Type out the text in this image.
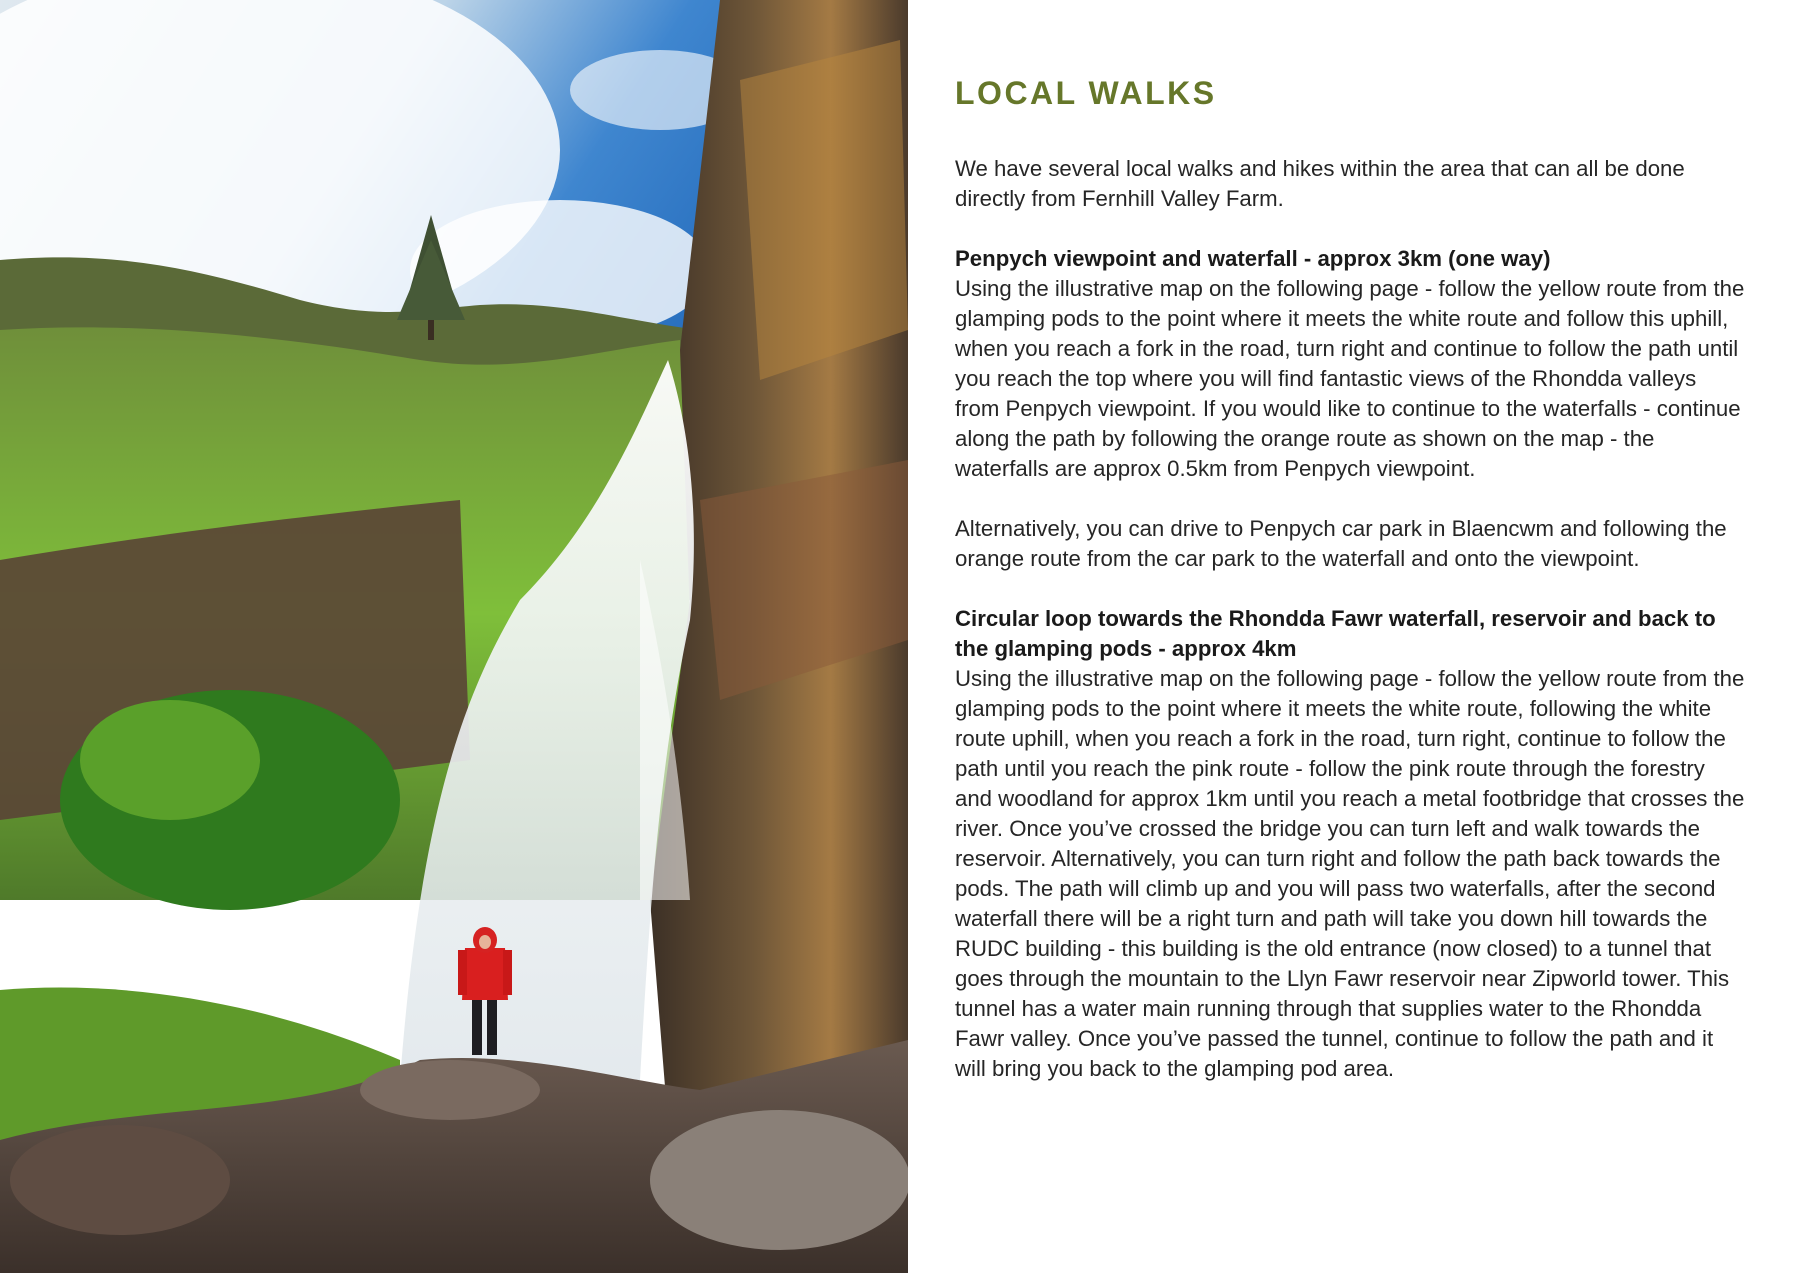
LOCAL WALKS

We have several local walks and hikes within the area that can all be done directly from Fernhill Valley Farm.

Penpych viewpoint and waterfall - approx 3km (one way)
Using the illustrative map on the following page - follow the yellow route from the glamping pods to the point where it meets the white route and follow this uphill, when you reach a fork in the road, turn right and continue to follow the path until you reach the top where you will find fantastic views of the Rhondda valleys from Penpych viewpoint. If you would like to continue to the waterfalls - continue along the path by following the orange route as shown on the map - the waterfalls are approx 0.5km from Penpych viewpoint.

Alternatively, you can drive to Penpych car park in Blaencwm and following the orange route from the car park to the waterfall and onto the viewpoint.

Circular loop towards the Rhondda Fawr waterfall, reservoir and back to the glamping pods - approx 4km
Using the illustrative map on the following page - follow the yellow route from the glamping pods to the point where it meets the white route, following the white route uphill, when you reach a fork in the road, turn right, continue to follow the path until you reach the pink route - follow the pink route through the forestry and woodland for approx 1km until you reach a metal footbridge that crosses the river. Once you’ve crossed the bridge you can turn left and walk towards the reservoir. Alternatively, you can turn right and follow the path back towards the pods. The path will climb up and you will pass two waterfalls, after the second waterfall there will be a right turn and path will take you down hill towards the RUDC building - this building is the old entrance (now closed) to a tunnel that goes through the mountain to the Llyn Fawr reservoir near Zipworld tower. This tunnel has a water main running through that supplies water to the Rhondda Fawr valley. Once you’ve passed the tunnel, continue to follow the path and it will bring you back to the glamping pod area.
